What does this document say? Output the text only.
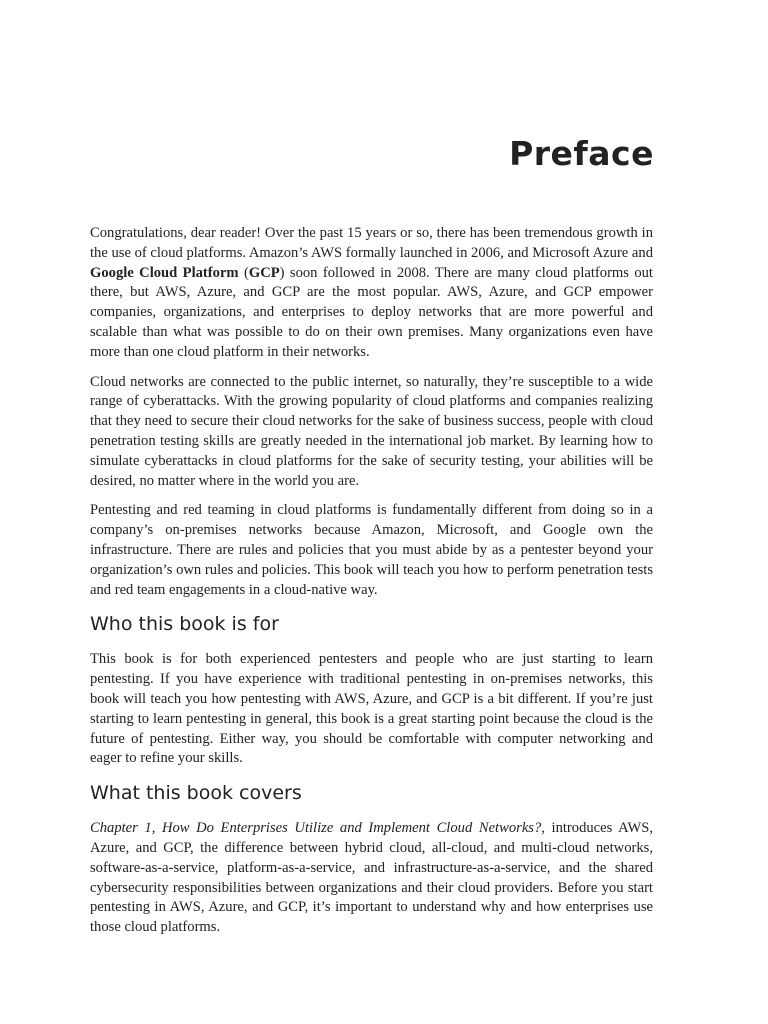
Preface

Congratulations, dear reader! Over the past 15 years or so, there has been tremendous growth in the use of cloud platforms. Amazon’s AWS formally launched in 2006, and Microsoft Azure and Google Cloud Platform (GCP) soon followed in 2008. There are many cloud platforms out there, but AWS, Azure, and GCP are the most popular. AWS, Azure, and GCP empower companies, organizations, and enterprises to deploy networks that are more powerful and scalable than what was possible to do on their own premises. Many organizations even have more than one cloud platform in their networks.

Cloud networks are connected to the public internet, so naturally, they’re susceptible to a wide range of cyberattacks. With the growing popularity of cloud platforms and companies realizing that they need to secure their cloud networks for the sake of business success, people with cloud penetration testing skills are greatly needed in the international job market. By learning how to simulate cyberattacks in cloud platforms for the sake of security testing, your abilities will be desired, no matter where in the world you are.

Pentesting and red teaming in cloud platforms is fundamentally different from doing so in a company’s on-premises networks because Amazon, Microsoft, and Google own the infrastructure. There are rules and policies that you must abide by as a pentester beyond your organization’s own rules and policies. This book will teach you how to perform penetration tests and red team engagements in a cloud-native way.

Who this book is for

This book is for both experienced pentesters and people who are just starting to learn pentesting. If you have experience with traditional pentesting in on-premises networks, this book will teach you how pentesting with AWS, Azure, and GCP is a bit different. If you’re just starting to learn pentesting in general, this book is a great starting point because the cloud is the future of pentesting. Either way, you should be comfortable with computer networking and eager to refine your skills.

What this book covers

Chapter 1, How Do Enterprises Utilize and Implement Cloud Networks?, introduces AWS, Azure, and GCP, the difference between hybrid cloud, all-cloud, and multi-cloud networks, software-as-a-service, platform-as-a-service, and infrastructure-as-a-service, and the shared cybersecurity responsibilities between organizations and their cloud providers. Before you start pentesting in AWS, Azure, and GCP, it’s important to understand why and how enterprises use those cloud platforms.
